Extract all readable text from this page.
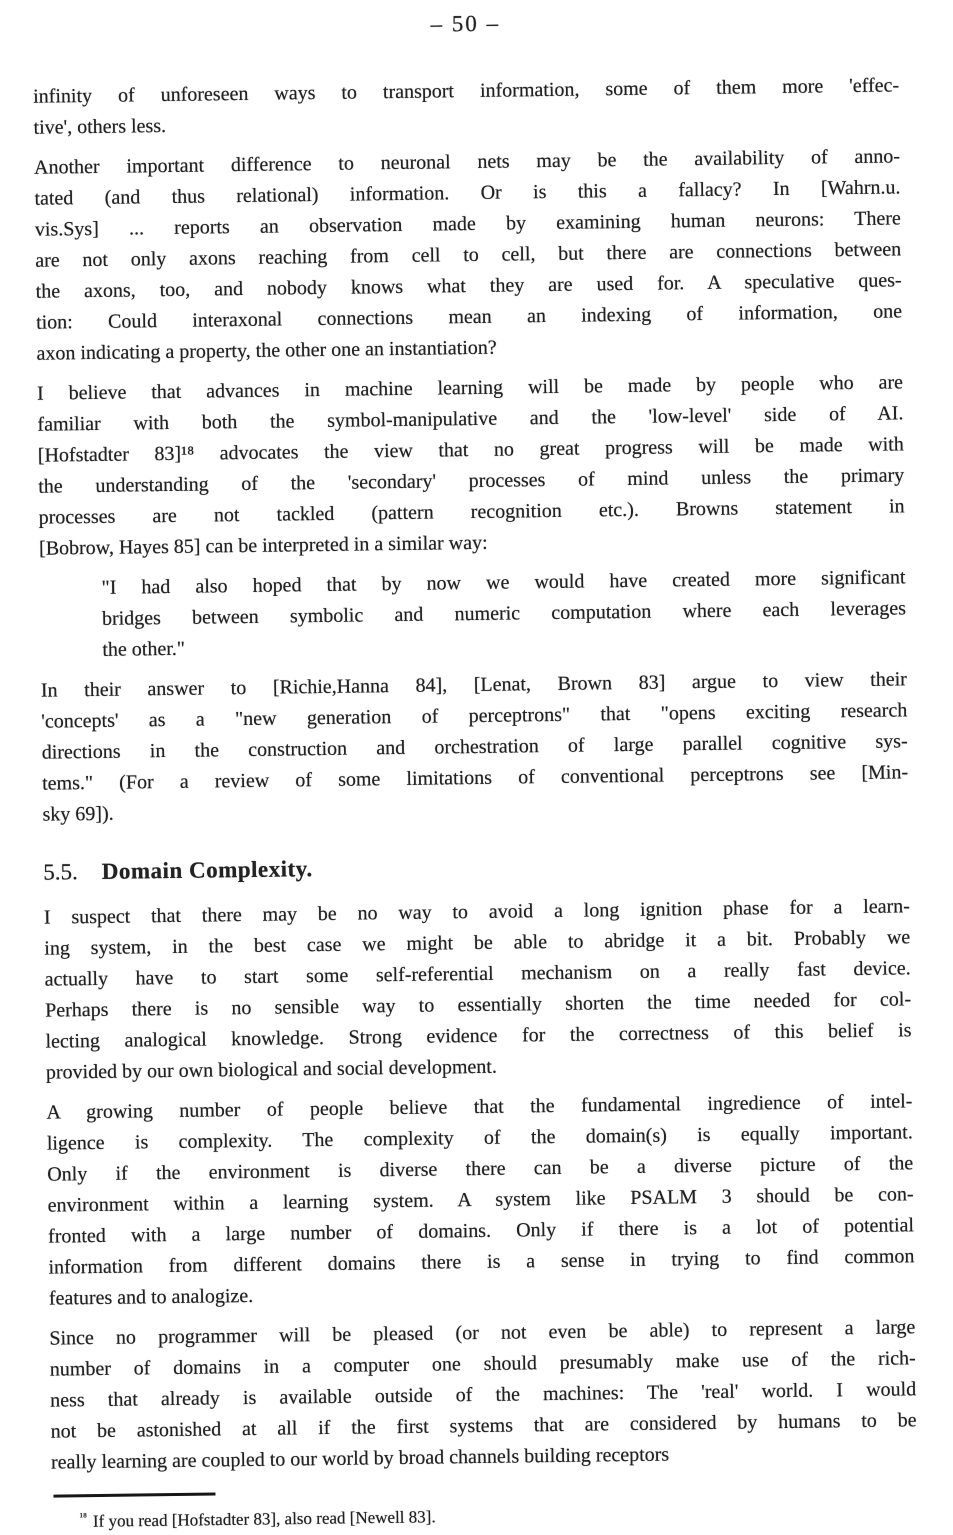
– 50 –
infinity of unforeseen ways to transport information, some of them more 'effec-
tive', others less.
Another important difference to neuronal nets may be the availability of anno-
tated (and thus relational) information. Or is this a fallacy? In [Wahrn.u.
vis.Sys] ... reports an observation made by examining human neurons: There
are not only axons reaching from cell to cell, but there are connections between
the axons, too, and nobody knows what they are used for. A speculative ques-
tion: Could interaxonal connections mean an indexing of information, one
axon indicating a property, the other one an instantiation?
I believe that advances in machine learning will be made by people who are
familiar with both the symbol-manipulative and the 'low-level' side of AI.
[Hofstadter 83]¹⁸ advocates the view that no great progress will be made with
the understanding of the 'secondary' processes of mind unless the primary
processes are not tackled (pattern recognition etc.). Browns statement in
[Bobrow, Hayes 85] can be interpreted in a similar way:
"I had also hoped that by now we would have created more significant
bridges between symbolic and numeric computation where each leverages
the other."
In their answer to [Richie,Hanna 84], [Lenat, Brown 83] argue to view their
'concepts' as a "new generation of perceptrons" that "opens exciting research
directions in the construction and orchestration of large parallel cognitive sys-
tems." (For a review of some limitations of conventional perceptrons see [Min-
sky 69]).
5.5. Domain Complexity.
I suspect that there may be no way to avoid a long ignition phase for a learn-
ing system, in the best case we might be able to abridge it a bit. Probably we
actually have to start some self-referential mechanism on a really fast device.
Perhaps there is no sensible way to essentially shorten the time needed for col-
lecting analogical knowledge. Strong evidence for the correctness of this belief is
provided by our own biological and social development.
A growing number of people believe that the fundamental ingredience of intel-
ligence is complexity. The complexity of the domain(s) is equally important.
Only if the environment is diverse there can be a diverse picture of the
environment within a learning system. A system like PSALM 3 should be con-
fronted with a large number of domains. Only if there is a lot of potential
information from different domains there is a sense in trying to find common
features and to analogize.
Since no programmer will be pleased (or not even be able) to represent a large
number of domains in a computer one should presumably make use of the rich-
ness that already is available outside of the machines: The 'real' world. I would
not be astonished at all if the first systems that are considered by humans to be
really learning are coupled to our world by broad channels building receptors
$^{^{18}}$ If you read [Hofstadter 83], also read [Newell 83].
